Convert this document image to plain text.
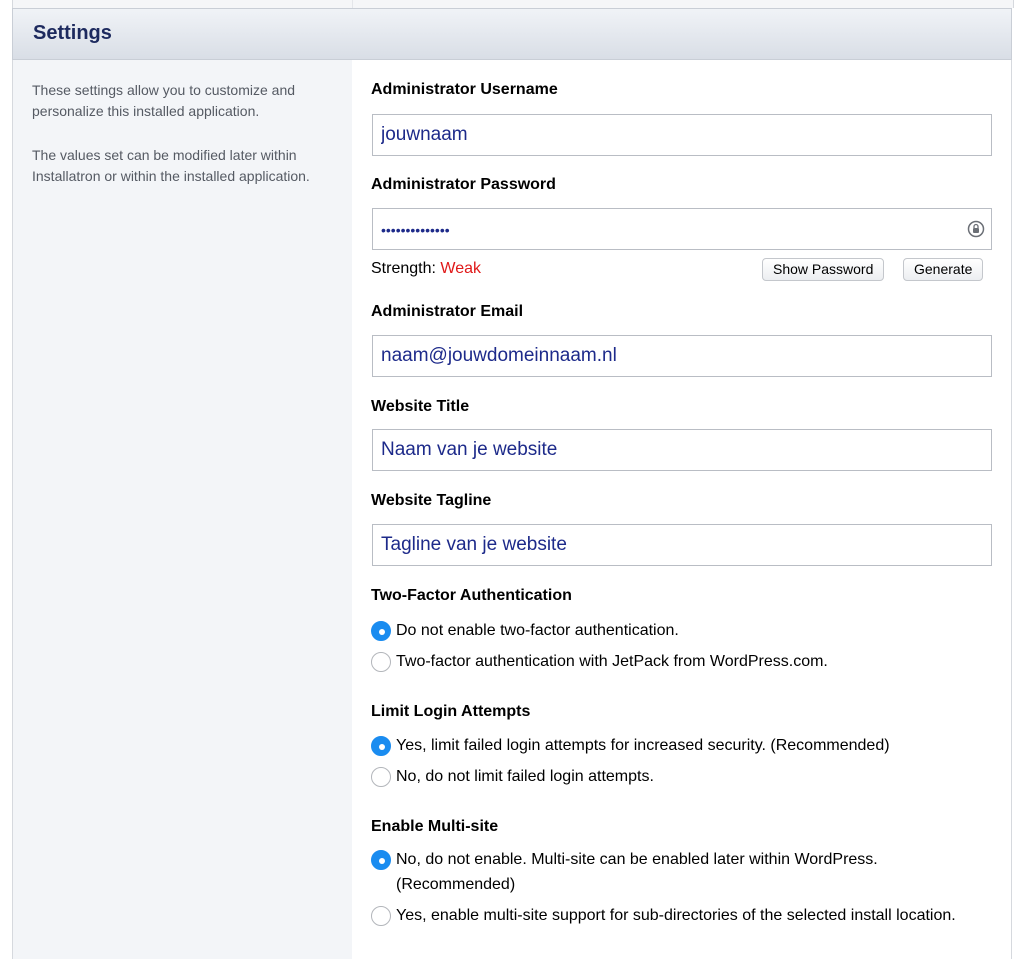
Settings

These settings allow you to customize and personalize this installed application.

The values set can be modified later within Installatron or within the installed application.

Administrator Username
jouwnaam
Administrator Password
••••••••••••••
Strength: Weak	Show Password	Generate
Administrator Email
naam@jouwdomeinnaam.nl
Website Title
Naam van je website
Website Tagline
Tagline van je website
Two-Factor Authentication
Do not enable two-factor authentication.
Two-factor authentication with JetPack from WordPress.com.
Limit Login Attempts
Yes, limit failed login attempts for increased security. (Recommended)
No, do not limit failed login attempts.
Enable Multi-site
No, do not enable. Multi-site can be enabled later within WordPress. (Recommended)
Yes, enable multi-site support for sub-directories of the selected install location.
